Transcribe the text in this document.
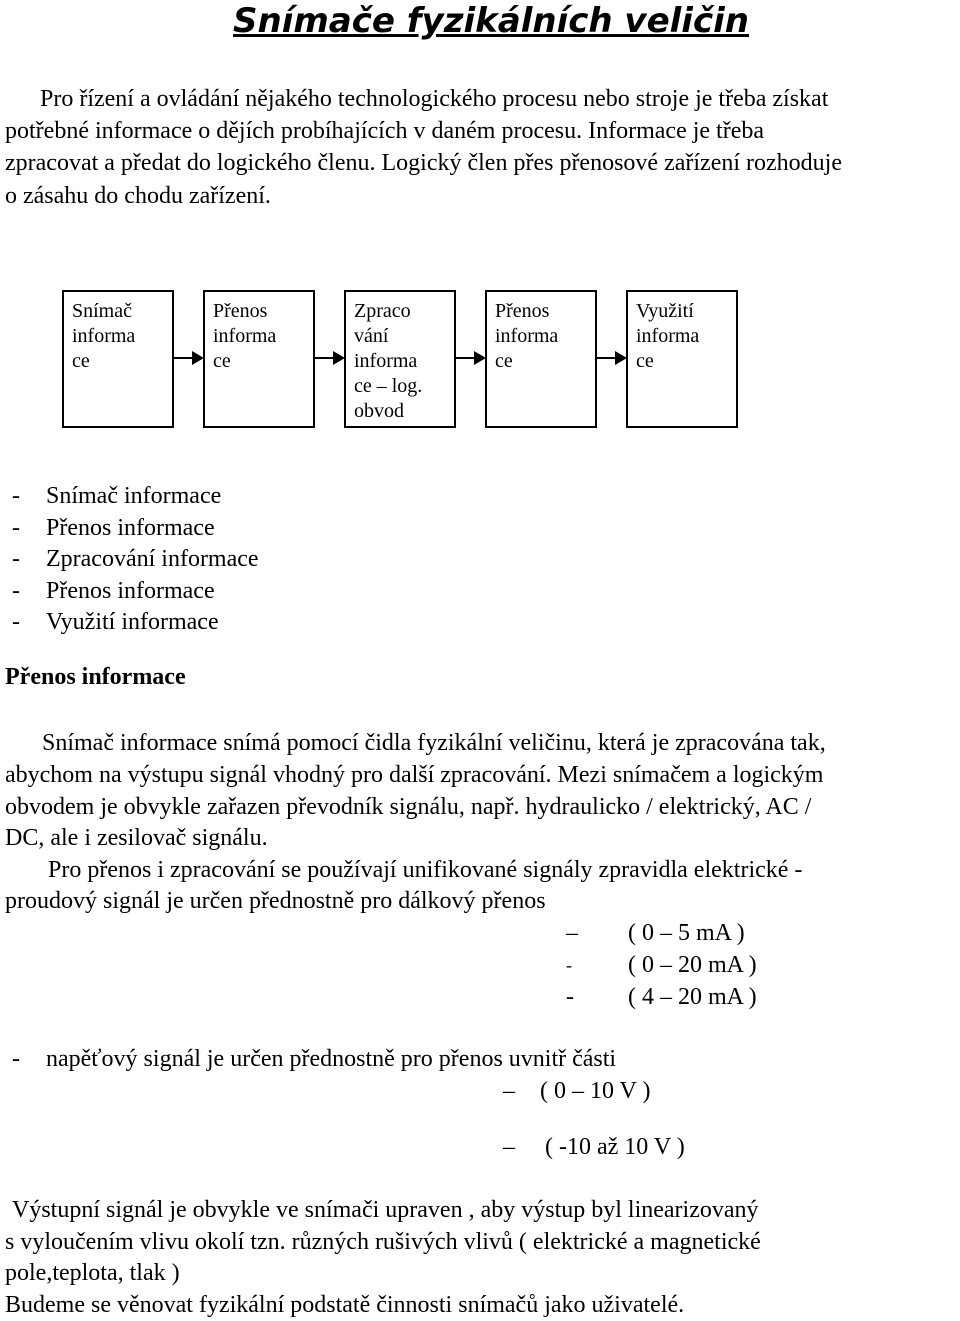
Snímače fyzikálních veličin
Pro řízení a ovládání nějakého technologického procesu nebo stroje je třeba získat
potřebné informace o dějích probíhajících v daném procesu. Informace je třeba
zpracovat a předat do logického členu. Logický člen přes přenosové zařízení rozhoduje
o zásahu do chodu zařízení.
Snímač
informa
ce
Přenos
informa
ce
Zpraco
vání
informa
ce – log.
obvod
Přenos
informa
ce
Využití
informa
ce
- Snímač informace
- Přenos informace
- Zpracování informace
- Přenos informace
- Využití informace
Přenos informace
Snímač informace snímá pomocí čidla fyzikální veličinu, která je zpracována tak,
abychom na výstupu signál vhodný pro další zpracování. Mezi snímačem a logickým
obvodem je obvykle zařazen převodník signálu, např. hydraulicko / elektrický, AC /
DC, ale i zesilovač signálu.
Pro přenos i zpracování se používají unifikované signály zpravidla elektrické -
proudový signál je určen přednostně pro dálkový přenos
– ( 0 – 5 mA )
- ( 0 – 20 mA )
- ( 4 – 20 mA )
- napěťový signál je určen přednostně pro přenos uvnitř části
– ( 0 – 10 V )
– ( -10 až 10 V )
Výstupní signál je obvykle ve snímači upraven , aby výstup byl linearizovaný
s vyloučením vlivu okolí tzn. různých rušivých vlivů ( elektrické a magnetické
pole,teplota, tlak )
Budeme se věnovat fyzikální podstatě činnosti snímačů jako uživatelé.
